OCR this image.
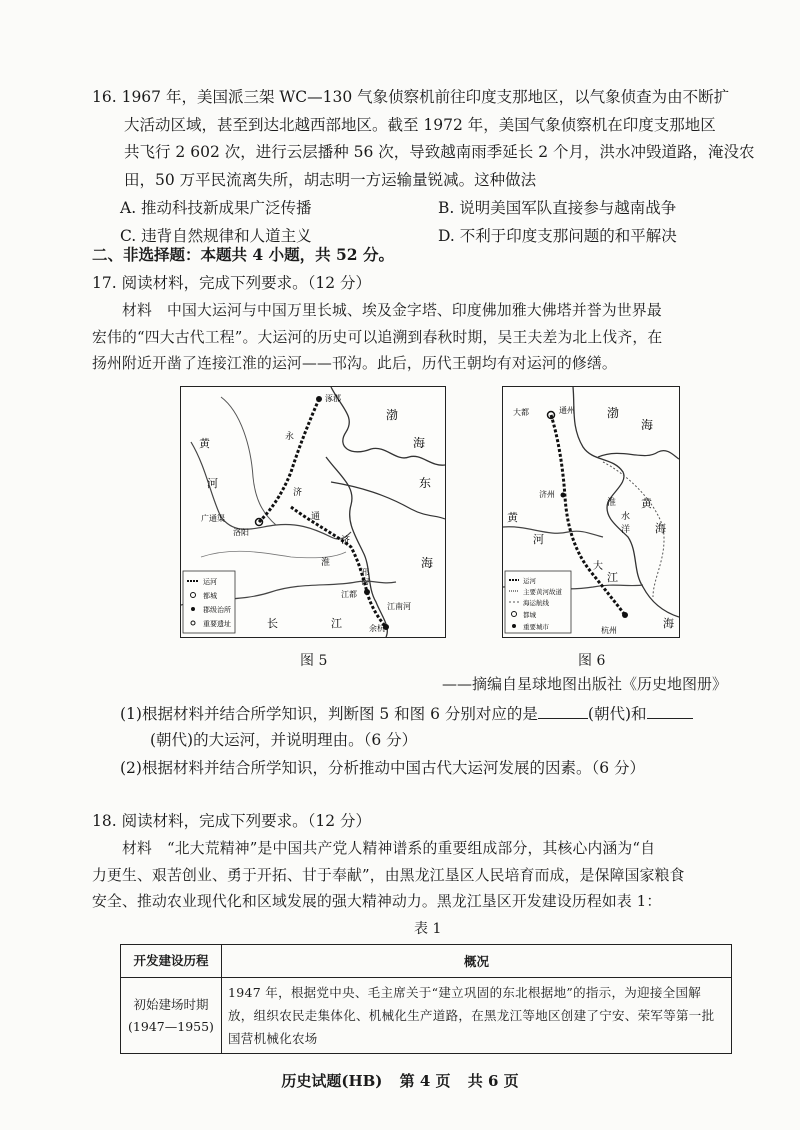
16. 1967 年，美国派三架 WC—130 气象侦察机前往印度支那地区，以气象侦查为由不断扩

大活动区域，甚至到达北越西部地区。截至 1972 年，美国气象侦察机在印度支那地区

共飞行 2 602 次，进行云层播种 56 次，导致越南雨季延长 2 个月，洪水冲毁道路，淹没农

田，50 万平民流离失所，胡志明一方运输量锐减。这种做法

A. 推动科技新成果广泛传播	B. 说明美国军队直接参与越南战争
C. 违背自然规律和人道主义	D. 不利于印度支那问题的和平解决
二、非选择题：本题共 4 小题，共 52 分。
17. 阅读材料，完成下列要求。（12 分）

材料　中国大运河与中国万里长城、埃及金字塔、印度佛加雅大佛塔并誉为世界最

宏伟的“四大古代工程”。大运河的历史可以追溯到春秋时期，吴王夫差为北上伐齐，在

扬州附近开凿了连接江淮的运河——邗沟。此后，历代王朝均有对运河的修缮。

涿郡
洛阳
江都
余杭
黄
河
渤
海
东
海
长	江
永
济
通
济
淮
邗
沟
广通渠
江南河
运河
都城
郡级治所
重要遗址
大都	通州	渤
海
黄
海
海
济州
黄
河
江
杭州
淮
水
洋
大
运河
主要黄河故道
海运航线
都城
重要城市
图 5	图 6
——摘编自星球地图出版社《历史地图册》
(1)根据材料并结合所学知识，判断图 5 和图 6 分别对应的是	(朝代)和
(朝代)的大运河，并说明理由。（6 分）
(2)根据材料并结合所学知识，分析推动中国古代大运河发展的因素。（6 分）
18. 阅读材料，完成下列要求。（12 分）

材料　“北大荒精神”是中国共产党人精神谱系的重要组成部分，其核心内涵为“自

力更生、艰苦创业、勇于开拓、甘于奉献”，由黑龙江垦区人民培育而成，是保障国家粮食

安全、推动农业现代化和区域发展的强大精神动力。黑龙江垦区开发建设历程如表 1：

表 1
开发建设历程	概况

初始建场时期
(1947—1955)	1947 年，根据党中央、毛主席关于“建立巩固的东北根据地”的指示，为迎接全国解放，组织农民走集体化、机械化生产道路，在黑龙江等地区创建了宁安、荣军等第一批国营机械化农场
历史试题(HB) 第 4 页 共 6 页
